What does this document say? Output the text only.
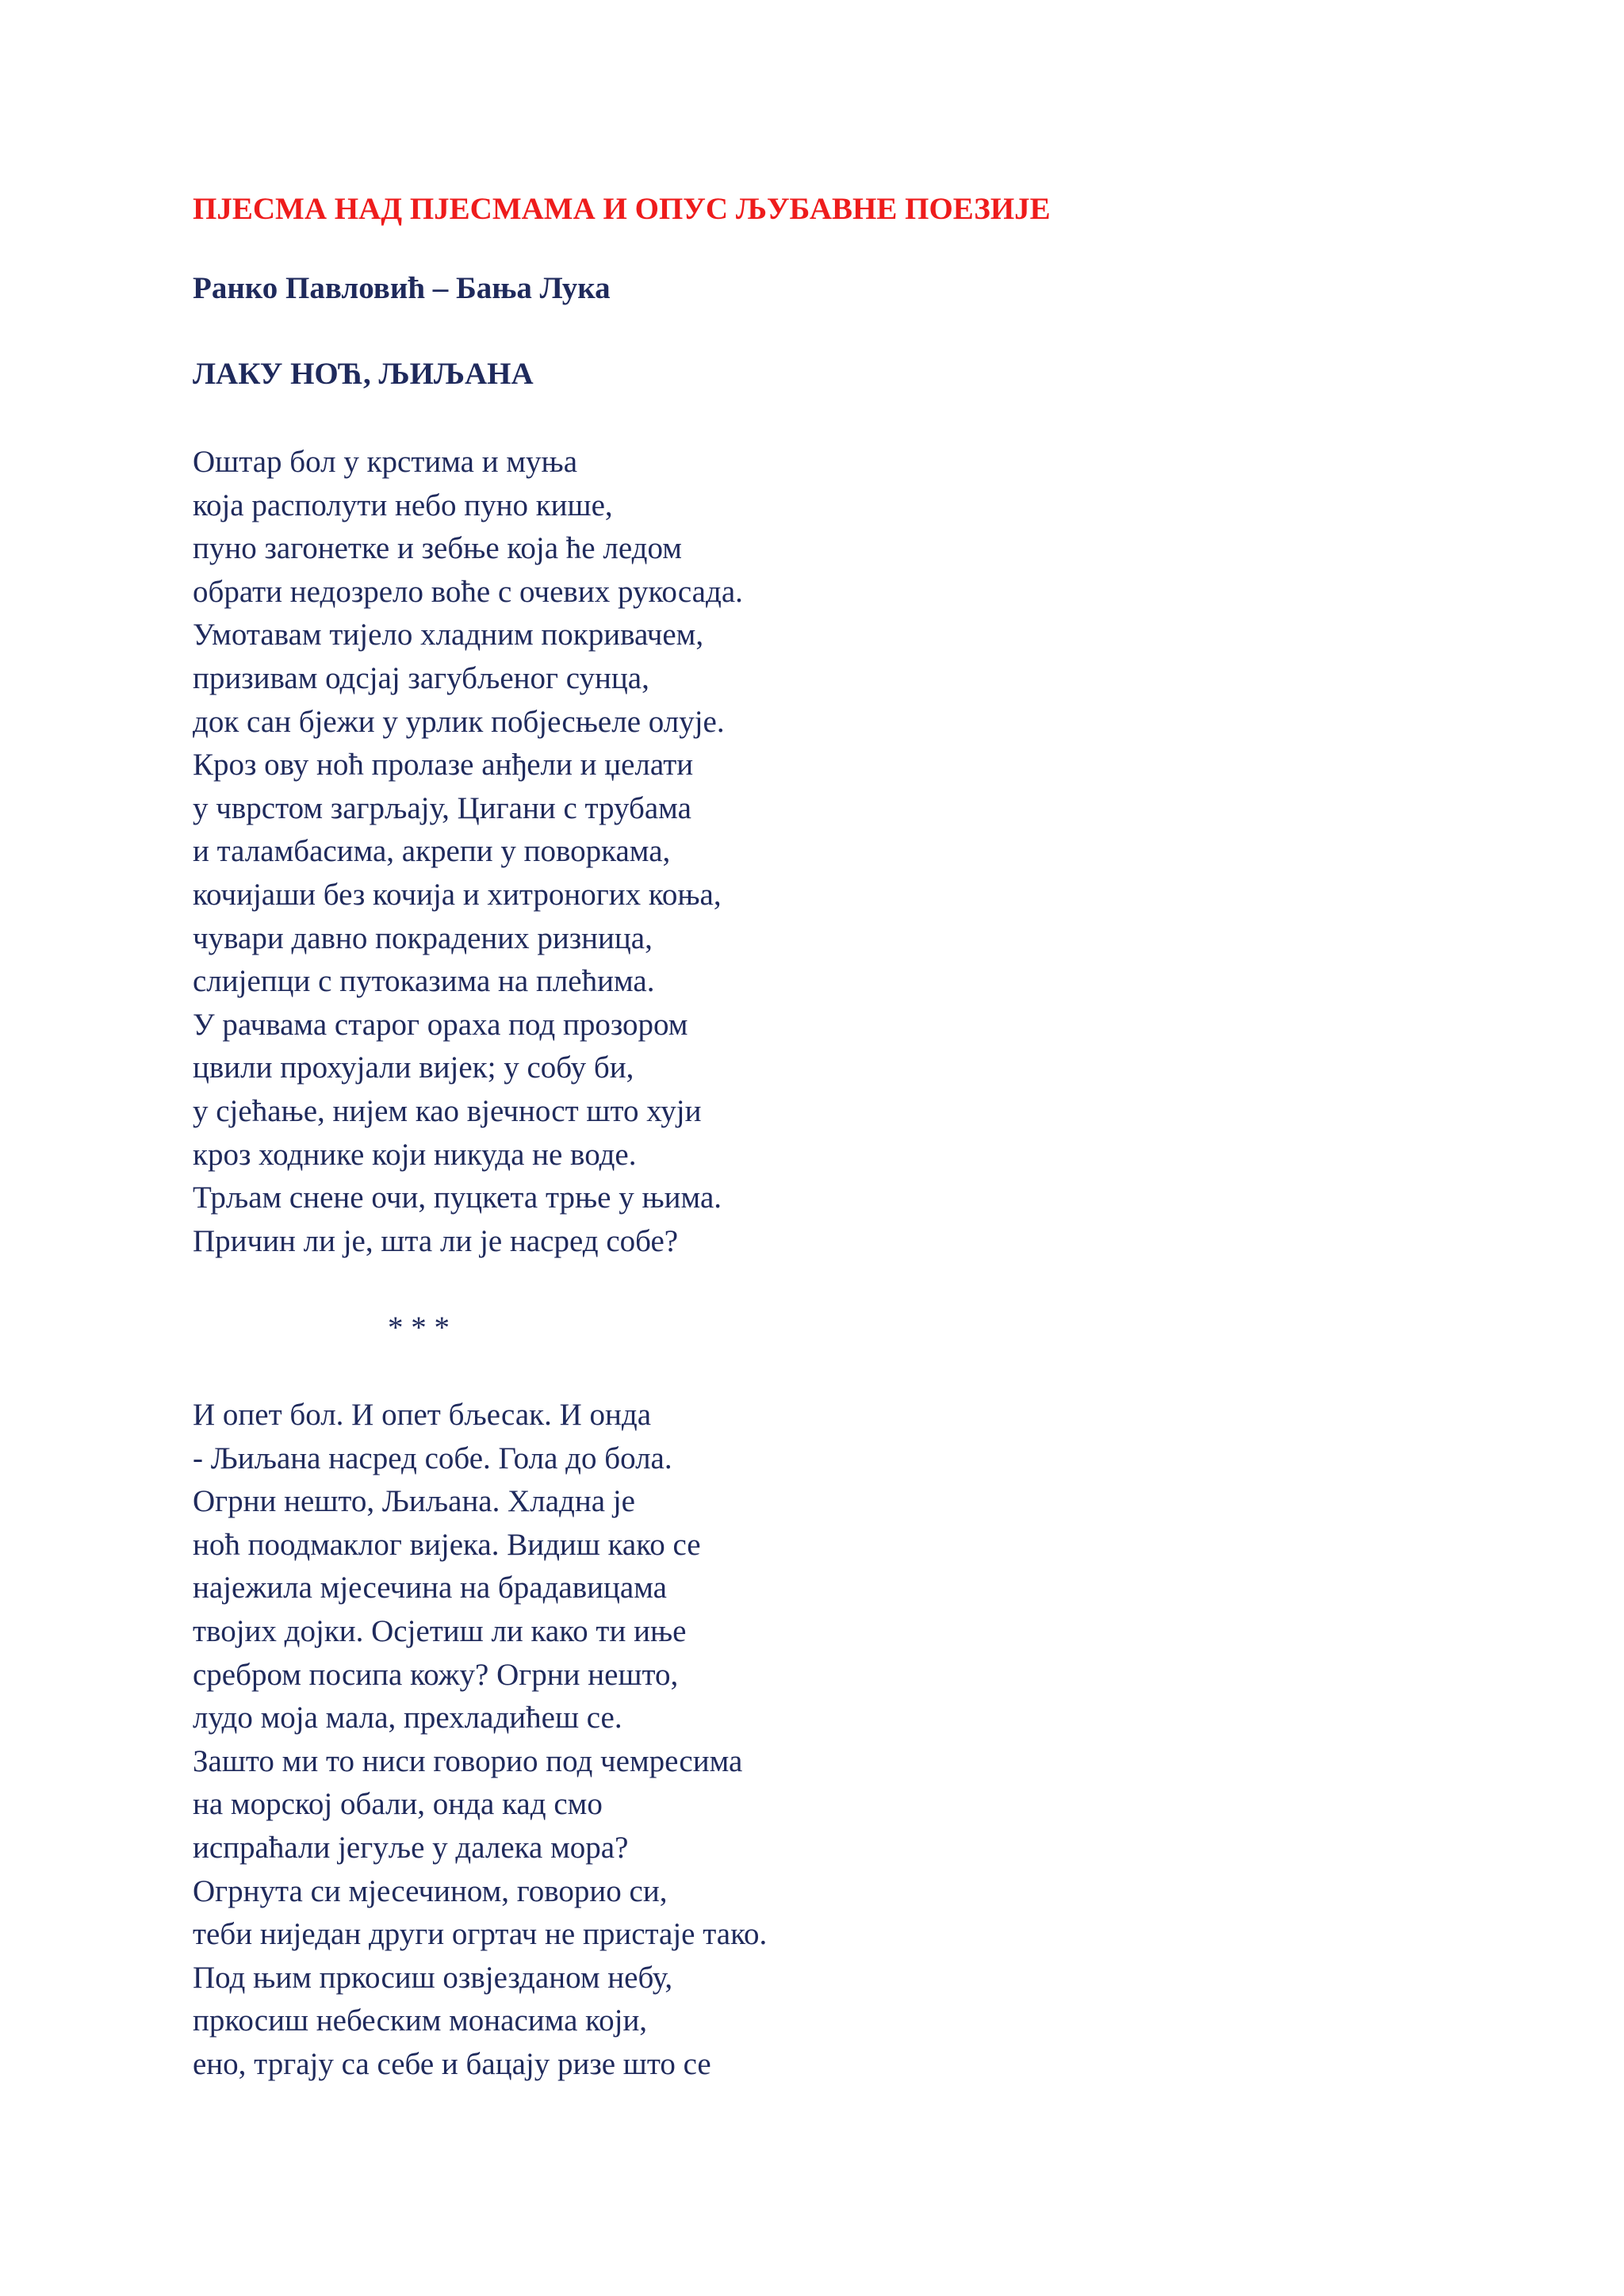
ПЈЕСМА НАД ПЈЕСМАМА И ОПУС ЉУБАВНЕ ПОЕЗИЈЕ
Ранко Павловић – Бања Лука
ЛАКУ НОЋ, ЉИЉАНА
Оштар бол у крстима и муња
која располути небо пуно кише,
пуно загонетке и зебње која ће ледом
обрати недозрело воће с очевих рукосада.
Умотавам тијело хладним покривачем,
призивам одсјај загубљеног сунца,
док сан бјежи у урлик побјесњеле олује.
Кроз ову ноћ пролазе анђели и џелати
у чврстом загрљају, Цигани с трубама
и таламбасима, акрепи у поворкама,
кочијаши без кочија и хитроногих коња,
чувари давно покрадених ризница,
слијепци с путоказима на плећима.
У рачвама старог ораха под прозором
цвили прохујали вијек; у собу би,
у сјећање, нијем као вјечност што хуји
кроз ходнике који никуда не воде.
Трљам снене очи, пуцкета трње у њима.
Причин ли је, шта ли је насред собе?
* * *
И опет бол. И опет бљесак. И онда
- Љиљана насред собе. Гола до бола.
Огрни нешто, Љиљана. Хладна је
ноћ поодмаклог вијека. Видиш како се
најежила мјесечина на брадавицама
твојих дојки. Осјетиш ли како ти иње
сребром посипа кожу? Огрни нешто,
лудо моја мала, прехладићеш се.
Зашто ми то ниси говорио под чемресима
на морској обали, онда кад смо
испраћали јегуље у далека мора?
Огрнута си мјесечином, говорио си,
теби ниједан други огртач не пристаје тако.
Под њим пркосиш озвјезданом небу,
пркосиш небеским монасима који,
ено, тргају са себе и бацају ризе што се
